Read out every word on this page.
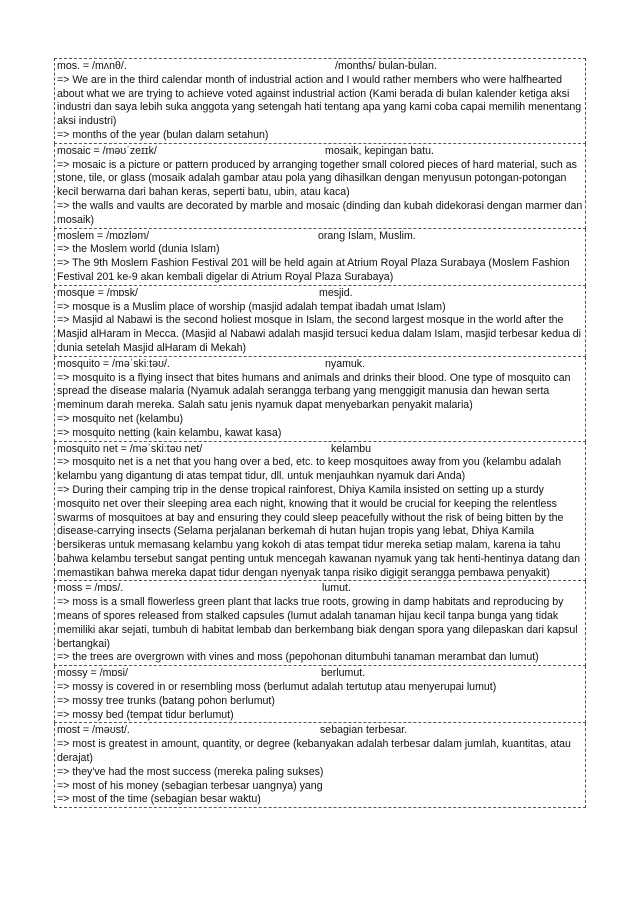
mos. = /mʌnθ/.	/months/ bulan-bulan.
=> We are in the third calendar month of industrial action and I would rather members who were halfhearted about what we are trying to achieve voted against industrial action (Kami berada di bulan kalender ketiga aksi industri dan saya lebih suka anggota yang setengah hati tentang apa yang kami coba capai memilih menentang aksi industri)
=> months of the year (bulan dalam setahun)
mosaic = /məʊˈzeɪɪk/	mosaik, kepingan batu.
=> mosaic is a picture or pattern produced by arranging together small colored pieces of hard material, such as stone, tile, or glass (mosaik adalah gambar atau pola yang dihasilkan dengan menyusun potongan-potongan kecil berwarna dari bahan keras, seperti batu, ubin, atau kaca)
=> the walls and vaults are decorated by marble and mosaic (dinding dan kubah didekorasi dengan marmer dan mosaik)
moslem = /mɒzləm/	orang Islam, Muslim.
=> the Moslem world (dunia Islam)
=> The 9th Moslem Fashion Festival 201 will be held again at Atrium Royal Plaza Surabaya (Moslem Fashion Festival 201 ke-9 akan kembali digelar di Atrium Royal Plaza Surabaya)
mosque = /mɒsk/	mesjid.
=> mosque is a Muslim place of worship (masjid adalah tempat ibadah umat Islam)
=> Masjid al Nabawi is the second holiest mosque in Islam, the second largest mosque in the world after the Masjid alHaram in Mecca. (Masjid al Nabawi adalah masjid tersuci kedua dalam Islam, masjid terbesar kedua di dunia setelah Masjid alHaram di Mekah)
mosquito = /məˈskiːtəʊ/.	nyamuk.
=> mosquito is a flying insect that bites humans and animals and drinks their blood. One type of mosquito can spread the disease malaria (Nyamuk adalah serangga terbang yang menggigit manusia dan hewan serta meminum darah mereka. Salah satu jenis nyamuk dapat menyebarkan penyakit malaria)
=> mosquito net (kelambu)
=> mosquito netting (kain kelambu, kawat kasa)
mosquito net = /məˈskiːtəʊ net/	kelambu
=> mosquito net is a net that you hang over a bed, etc. to keep mosquitoes away from you (kelambu adalah kelambu yang digantung di atas tempat tidur, dll. untuk menjauhkan nyamuk dari Anda)
=> During their camping trip in the dense tropical rainforest, Dhiya Kamila insisted on setting up a sturdy mosquito net over their sleeping area each night, knowing that it would be crucial for keeping the relentless swarms of mosquitoes at bay and ensuring they could sleep peacefully without the risk of being bitten by the disease-carrying insects (Selama perjalanan berkemah di hutan hujan tropis yang lebat, Dhiya Kamila bersikeras untuk memasang kelambu yang kokoh di atas tempat tidur mereka setiap malam, karena ia tahu bahwa kelambu tersebut sangat penting untuk mencegah kawanan nyamuk yang tak henti-hentinya datang dan memastikan bahwa mereka dapat tidur dengan nyenyak tanpa risiko digigit serangga pembawa penyakit)
moss = /mɒs/.	lumut.
=> moss is a small flowerless green plant that lacks true roots, growing in damp habitats and reproducing by means of spores released from stalked capsules (lumut adalah tanaman hijau kecil tanpa bunga yang tidak memiliki akar sejati, tumbuh di habitat lembab dan berkembang biak dengan spora yang dilepaskan dari kapsul bertangkai)
=> the trees are overgrown with vines and moss (pepohonan ditumbuhi tanaman merambat dan lumut)
mossy = /mɒsi/	berlumut.
=> mossy is covered in or resembling moss (berlumut adalah tertutup atau menyerupai lumut)
=> mossy tree trunks (batang pohon berlumut)
=> mossy bed (tempat tidur berlumut)
most = /məʊst/.	sebagian terbesar.
=> most is greatest in amount, quantity, or degree (kebanyakan adalah terbesar dalam jumlah, kuantitas, atau derajat)
=> they've had the most success (mereka paling sukses)
=> most of his money (sebagian terbesar uangnya) yang
=> most of the time (sebagian besar waktu)
